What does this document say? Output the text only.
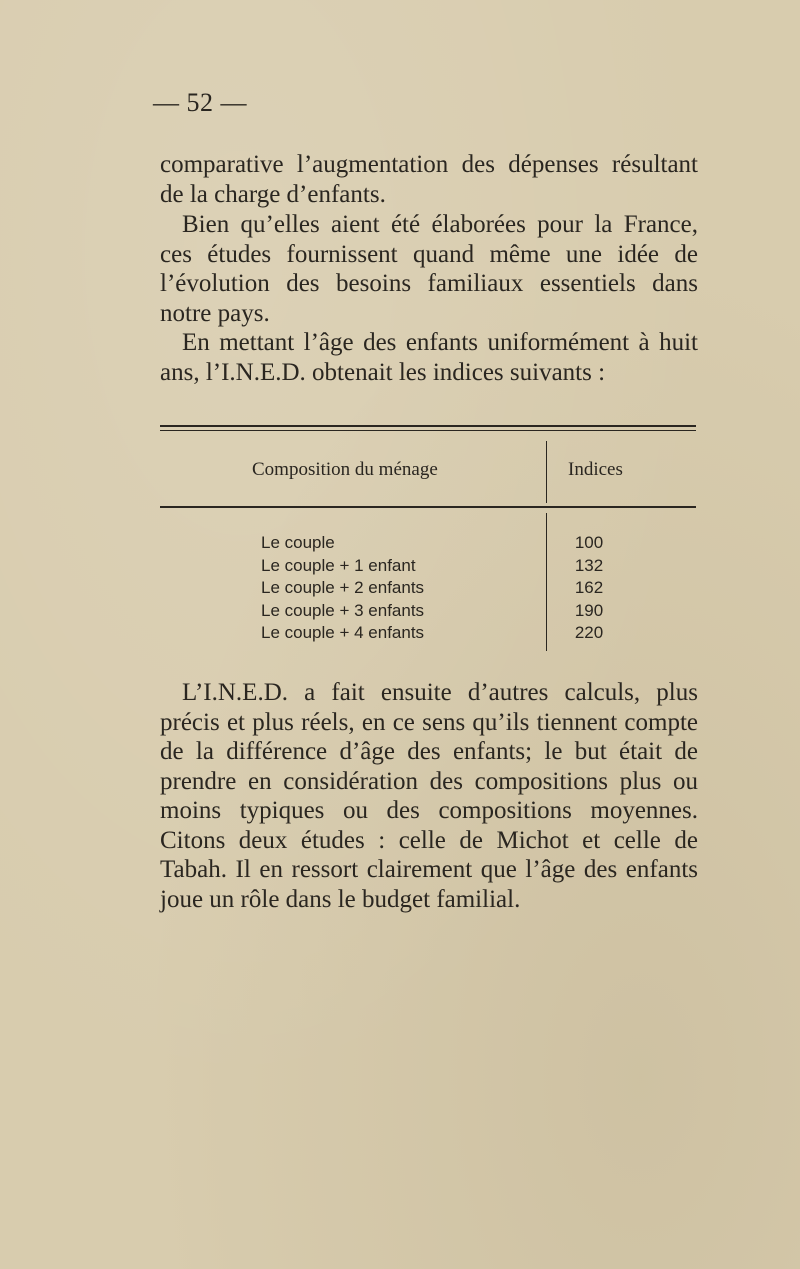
— 52 —
comparative l’augmentation des dépenses résultant de la charge d’enfants.
Bien qu’elles aient été élaborées pour la France, ces études fournissent quand même une idée de l’évolution des besoins familiaux essentiels dans notre pays.
En mettant l’âge des enfants uniformément à huit ans, l’I.N.E.D. obtenait les indices suivants :
Composition du ménage	Indices
Le couple	100
Le couple + 1 enfant	132
Le couple + 2 enfants	162
Le couple + 3 enfants	190
Le couple + 4 enfants	220
L’I.N.E.D. a fait ensuite d’autres calculs, plus précis et plus réels, en ce sens qu’ils tiennent compte de la différence d’âge des enfants; le but était de prendre en considération des compositions plus ou moins typiques ou des compositions moyennes. Citons deux études : celle de Michot et celle de Tabah. Il en ressort clairement que l’âge des enfants joue un rôle dans le budget familial.
